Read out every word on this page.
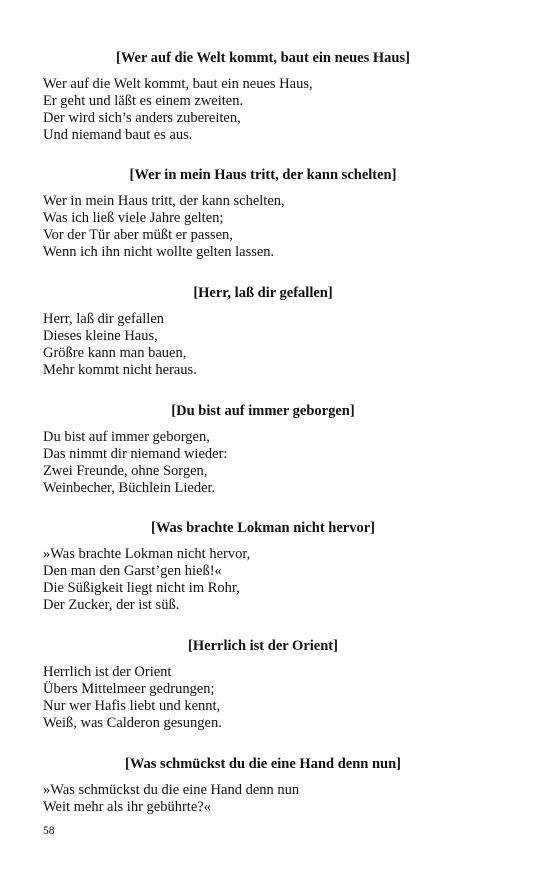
[Wer auf die Welt kommt, baut ein neues Haus]
Wer auf die Welt kommt, baut ein neues Haus,
Er geht und läßt es einem zweiten.
Der wird sich’s anders zubereiten,
Und niemand baut es aus.
[Wer in mein Haus tritt, der kann schelten]
Wer in mein Haus tritt, der kann schelten,
Was ich ließ viele Jahre gelten;
Vor der Tür aber müßt er passen,
Wenn ich ihn nicht wollte gelten lassen.
[Herr, laß dir gefallen]
Herr, laß dir gefallen
Dieses kleine Haus,
Größre kann man bauen,
Mehr kommt nicht heraus.
[Du bist auf immer geborgen]
Du bist auf immer geborgen,
Das nimmt dir niemand wieder:
Zwei Freunde, ohne Sorgen,
Weinbecher, Büchlein Lieder.
[Was brachte Lokman nicht hervor]
»Was brachte Lokman nicht hervor,
Den man den Garst’gen hieß!«
Die Süßigkeit liegt nicht im Rohr,
Der Zucker, der ist süß.
[Herrlich ist der Orient]
Herrlich ist der Orient
Übers Mittelmeer gedrungen;
Nur wer Hafis liebt und kennt,
Weiß, was Calderon gesungen.
[Was schmückst du die eine Hand denn nun]
»Was schmückst du die eine Hand denn nun
Weit mehr als ihr gebührte?«
58
